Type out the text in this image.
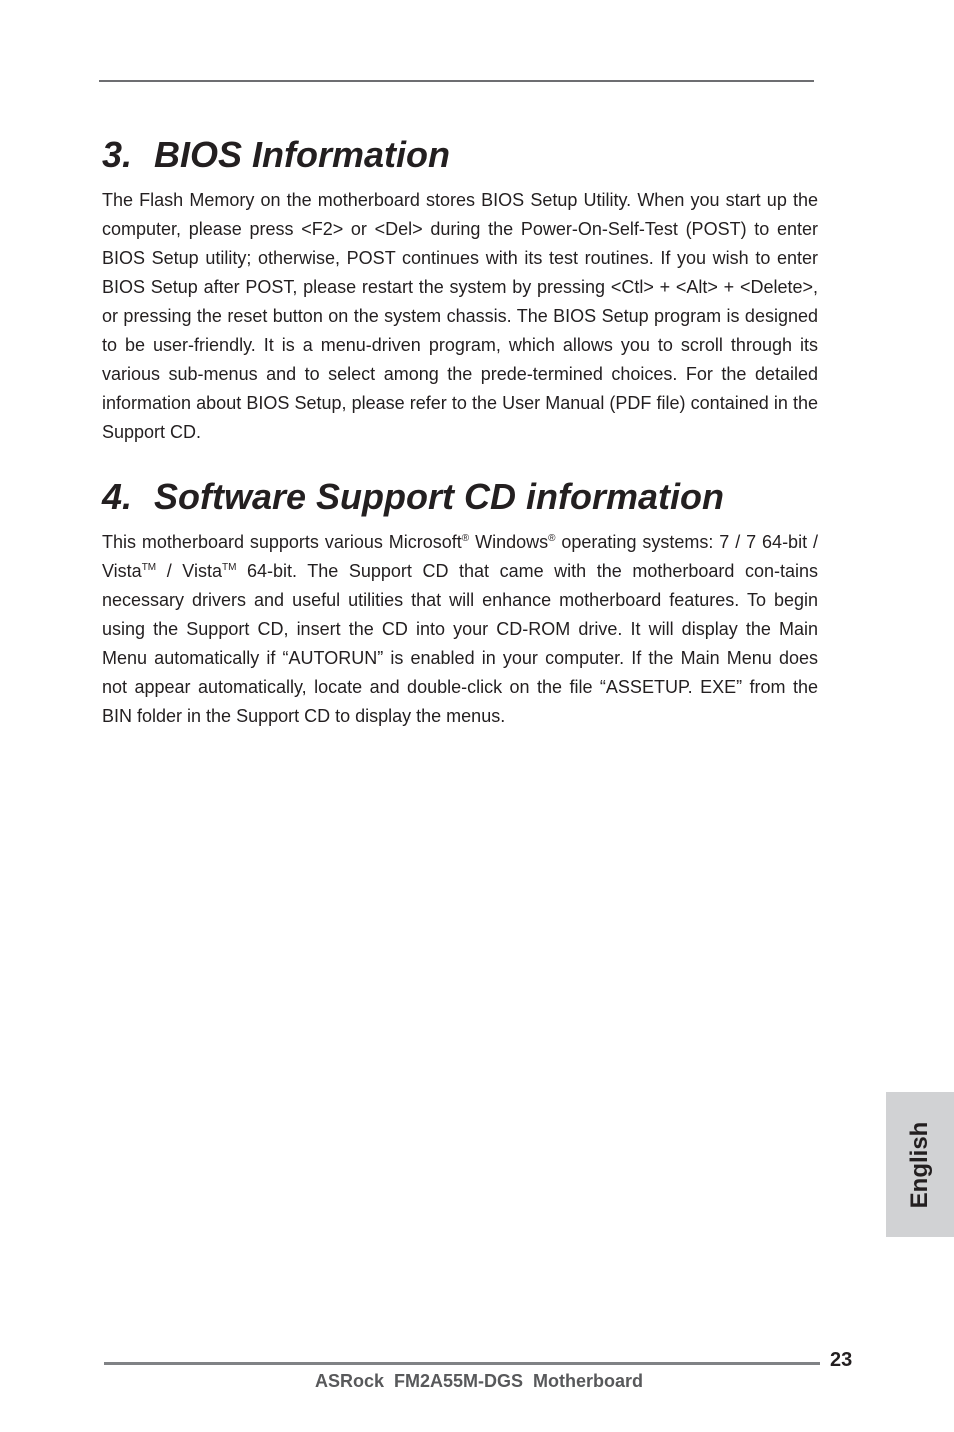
3. BIOS Information

The Flash Memory on the motherboard stores BIOS Setup Utility. When you start up the computer, please press <F2> or <Del> during the Power-On-Self-Test (POST) to enter BIOS Setup utility; otherwise, POST continues with its test routines. If you wish to enter BIOS Setup after POST, please restart the system by pressing <Ctl> + <Alt> + <Delete>, or pressing the reset button on the system chassis. The BIOS Setup program is designed to be user-friendly. It is a menu-driven program, which allows you to scroll through its various sub-menus and to select among the prede-termined choices. For the detailed information about BIOS Setup, please refer to the User Manual (PDF file) contained in the Support CD.

4. Software Support CD information

This motherboard supports various Microsoft® Windows® operating systems: 7 / 7 64-bit / Vista™ / Vista™ 64-bit. The Support CD that came with the motherboard con-tains necessary drivers and useful utilities that will enhance motherboard features. To begin using the Support CD, insert the CD into your CD-ROM drive. It will display the Main Menu automatically if “AUTORUN” is enabled in your computer. If the Main Menu does not appear automatically, locate and double-click on the file “ASSETUP. EXE” from the BIN folder in the Support CD to display the menus.

English
23
ASRock  FM2A55M-DGS  Motherboard
